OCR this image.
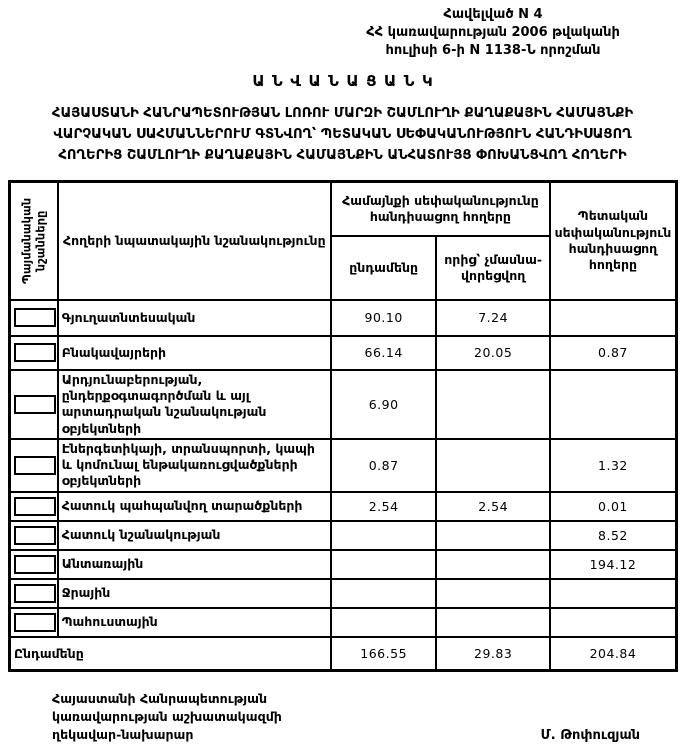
Հավելված N 4
ՀՀ կառավարության 2006 թվականի
հուլիսի 6-ի N 1138-Ն որոշման
ԱՆՎԱՆԱՑԱՆԿ
ՀԱՅԱՍՏԱՆԻ ՀԱՆՐԱՊԵՏՈՒԹՅԱՆ ԼՈՌՈՒ ՄԱՐԶԻ ՇԱՄԼՈՒՂԻ ՔԱՂԱՔԱՅԻՆ ՀԱՄԱՅՆՔԻ
ՎԱՐՉԱԿԱՆ ՍԱՀՄԱՆՆԵՐՈՒՄ ԳՏՆՎՈՂ՝ ՊԵՏԱԿԱՆ ՍԵՓԱԿԱՆՈՒԹՅՈՒՆ ՀԱՆԴԻՍԱՑՈՂ
ՀՈՂԵՐԻՑ ՇԱՄԼՈՒՂԻ ՔԱՂԱՔԱՅԻՆ ՀԱՄԱՅՆՔԻՆ ԱՆՀԱՏՈՒՅՑ ՓՈԽԱՆՑՎՈՂ ՀՈՂԵՐԻ
Պայմանական նշանները	Հողերի նպատակային նշանակությունը	Համայնքի սեփականությունը հանդիսացող հողերը		Պետական սեփականություն հանդիսացող հողերը
		ընդամենը	որից՝ չմասնավորեցվող	

	Գյուղատնտեսական	90.10	7.24	

	Բնակավայրերի	66.14	20.05	0.87

	Արդյունաբերության, ընդերքօգտագործման և այլ արտադրական նշանակության օբյեկտների	6.90		

	Էներգետիկայի, տրանսպորտի, կապի և կոմունալ ենթակառուցվածքների օբյեկտների	0.87		1.32

	Հատուկ պահպանվող տարածքների	2.54	2.54	0.01

	Հատուկ նշանակության			8.52

	Անտառային			194.12

	Ջրային			

	Պահուստային			
Ընդամենը		166.55	29.83	204.84
Հայաստանի Հանրապետության
կառավարության աշխատակազմի
ղեկավար-նախարար	Մ. Թոփուզյան
